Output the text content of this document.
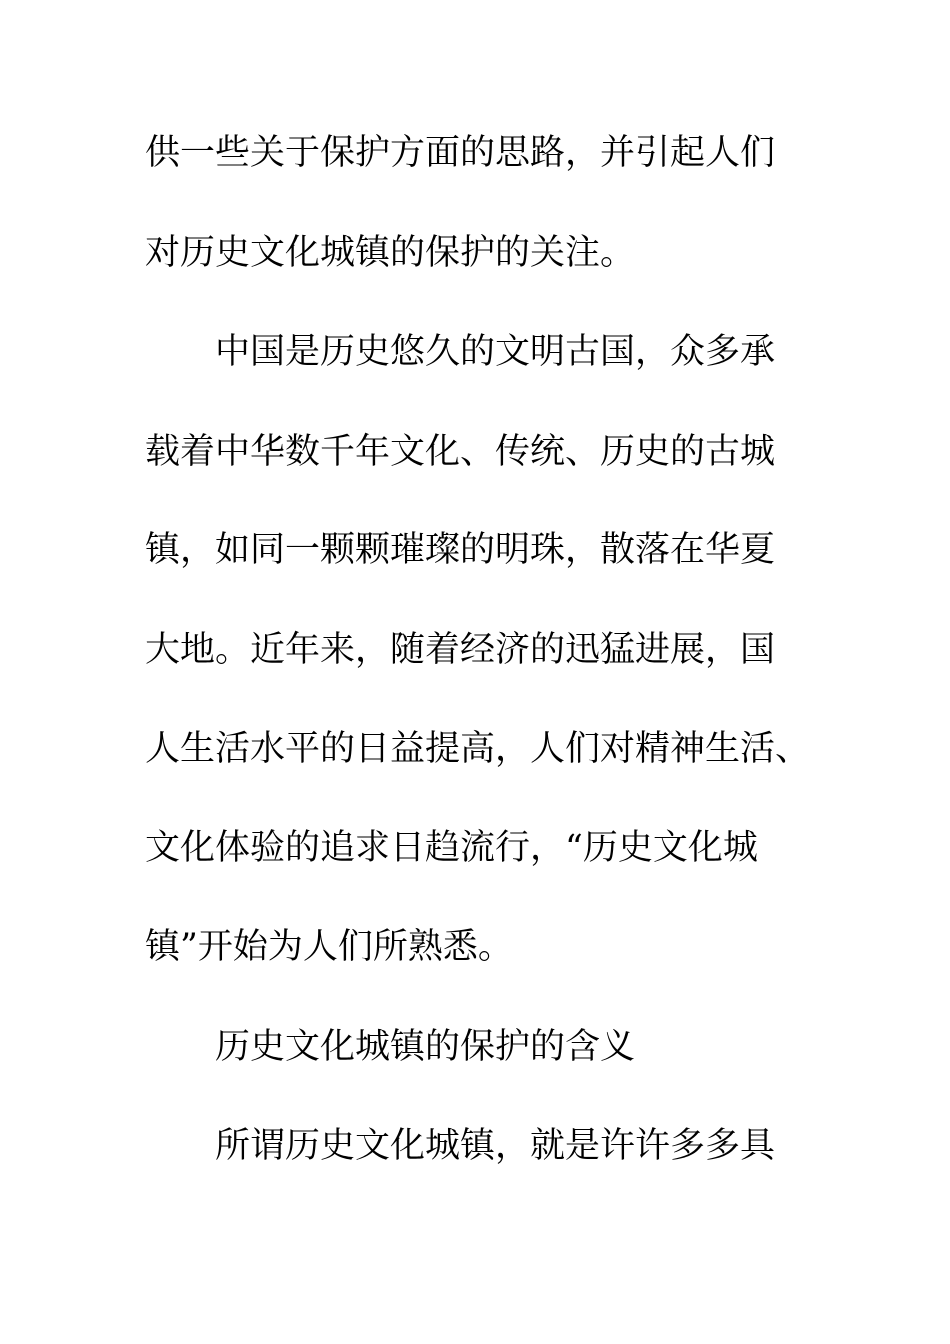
供一些关于保护方面的思路，并引起人们
对历史文化城镇的保护的关注。
中国是历史悠久的文明古国，众多承
载着中华数千年文化、传统、历史的古城
镇，如同一颗颗璀璨的明珠，散落在华夏
大地。近年来，随着经济的迅猛进展，国
人生活水平的日益提高，人们对精神生活、
文化体验的追求日趋流行，“历史文化城
镇”开始为人们所熟悉。
历史文化城镇的保护的含义
所谓历史文化城镇，就是许许多多具
